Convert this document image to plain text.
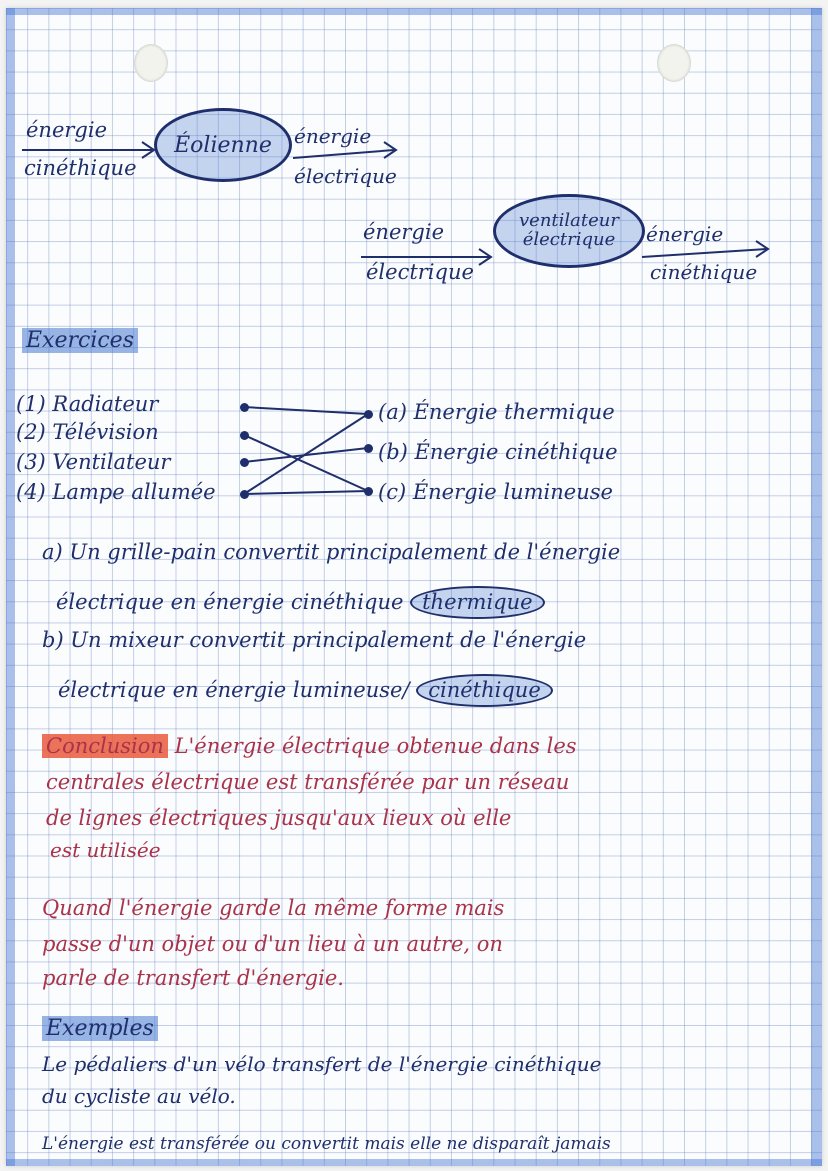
énergie
cinéthique
Éolienne énergie
électrique
énergie
électrique
ventilateur
électrique énergie
cinéthique
Exercices
(1) Radiateur
(2) Télévision
(3) Ventilateur
(4) Lampe allumée
(a) Énergie thermique
(b) Énergie cinéthique
(c) Énergie lumineuse
a) Un grille-pain convertit principalement de l'énergie
électrique en énergie cinéthique thermique
b) Un mixeur convertit principalement de l'énergie
électrique en énergie lumineuse/ cinéthique
Conclusion L'énergie électrique obtenue dans les
centrales électrique est transférée par un réseau
de lignes électriques jusqu'aux lieux où elle
est utilisée
Quand l'énergie garde la même forme mais
passe d'un objet ou d'un lieu à un autre, on
parle de transfert d'énergie.
Exemples
Le pédaliers d'un vélo transfert de l'énergie cinéthique
du cycliste au vélo.
L'énergie est transférée ou convertit mais elle ne disparaît jamais
